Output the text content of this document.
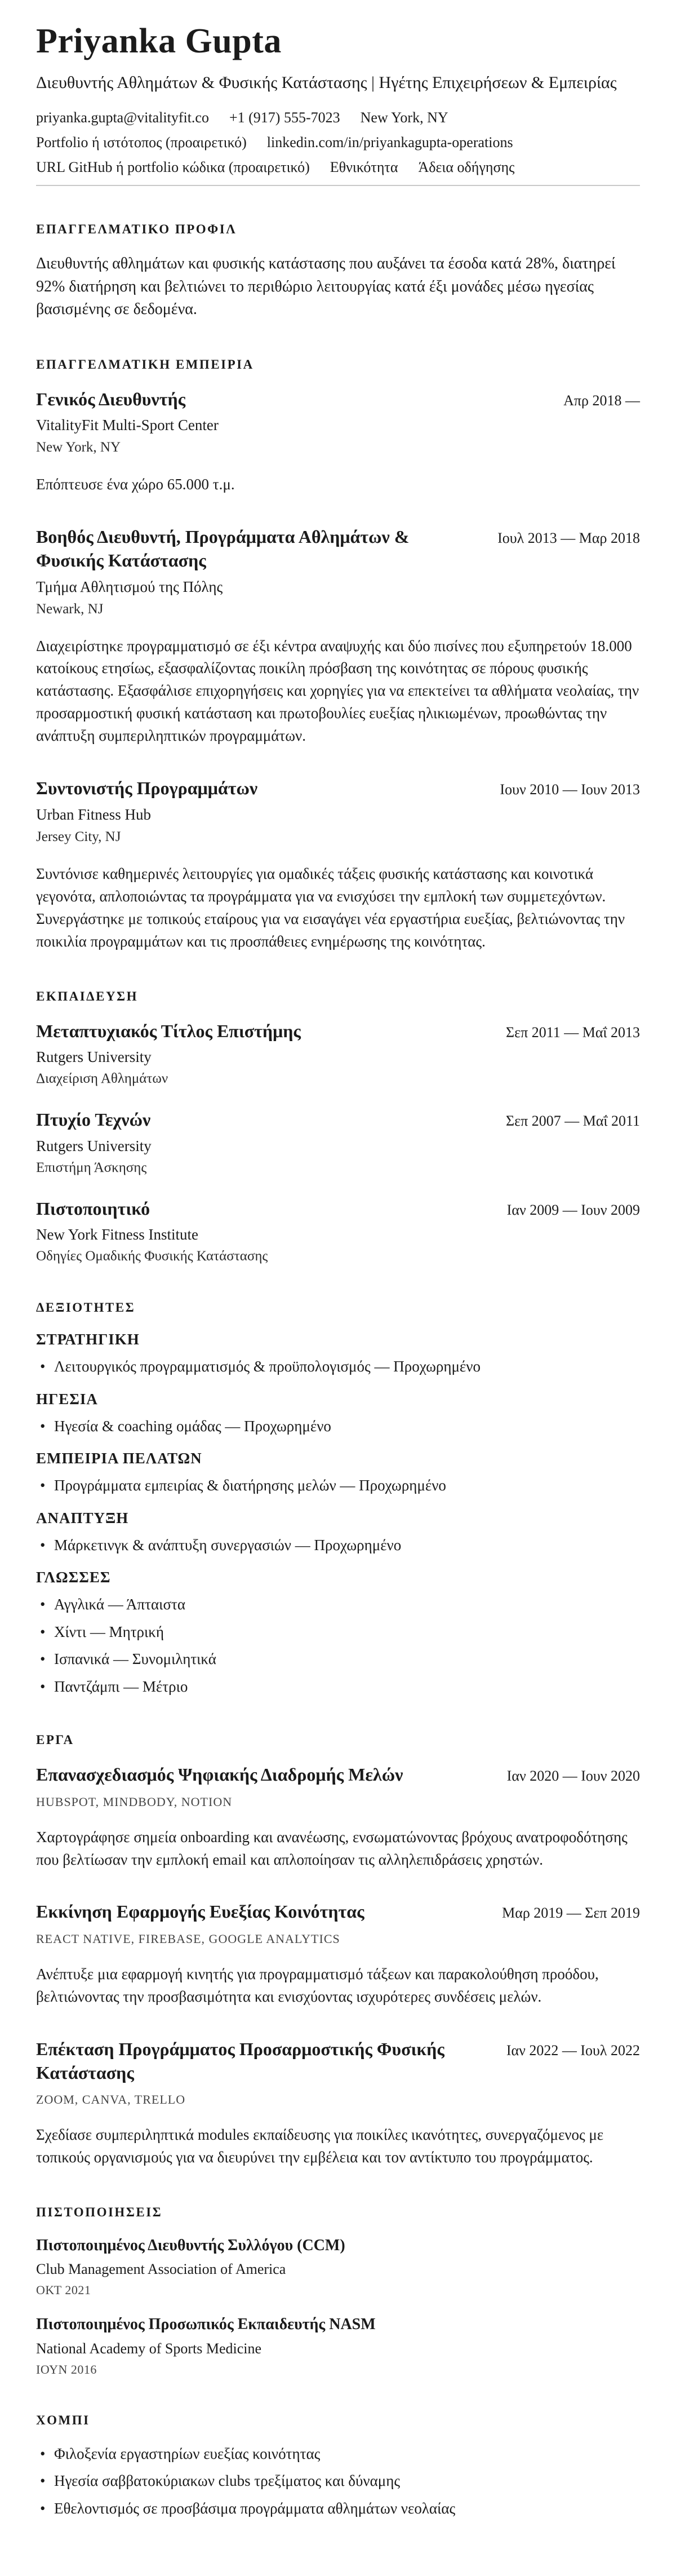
Priyanka Gupta

Διευθυντής Αθλημάτων & Φυσικής Κατάστασης | Ηγέτης Επιχειρήσεων & Εμπειρίας

priyanka.gupta@vitalityfit.co +1 (917) 555-7023 New York, NY
Portfolio ή ιστότοπος (προαιρετικό) linkedin.com/in/priyankagupta-operations
URL GitHub ή portfolio κώδικα (προαιρετικό) Εθνικότητα Άδεια οδήγησης
ΕΠΑΓΓΕΛΜΑΤΙΚΟ ΠΡΟΦΙΛ

Διευθυντής αθλημάτων και φυσικής κατάστασης που αυξάνει τα έσοδα κατά 28%, διατηρεί 92% διατήρηση και βελτιώνει το περιθώριο λειτουργίας κατά έξι μονάδες μέσω ηγεσίας βασισμένης σε δεδομένα.

ΕΠΑΓΓΕΛΜΑΤΙΚΗ ΕΜΠΕΙΡΙΑ
Γενικός Διευθυντής	Απρ 2018 —

VitalityFit Multi-Sport Center

New York, NY

Επόπτευσε ένα χώρο 65.000 τ.μ.

Βοηθός Διευθυντή, Προγράμματα Αθλημάτων & Φυσικής Κατάστασης
Ιουλ 2013 — Μαρ 2018

Τμήμα Αθλητισμού της Πόλης

Newark, NJ

Διαχειρίστηκε προγραμματισμό σε έξι κέντρα αναψυχής και δύο πισίνες που εξυπηρετούν 18.000 κατοίκους ετησίως, εξασφαλίζοντας ποικίλη πρόσβαση της κοινότητας σε πόρους φυσικής κατάστασης. Εξασφάλισε επιχορηγήσεις και χορηγίες για να επεκτείνει τα αθλήματα νεολαίας, την προσαρμοστική φυσική κατάσταση και πρωτοβουλίες ευεξίας ηλικιωμένων, προωθώντας την ανάπτυξη συμπεριληπτικών προγραμμάτων.

Συντονιστής Προγραμμάτων	Ιουν 2010 — Ιουν 2013

Urban Fitness Hub

Jersey City, NJ

Συντόνισε καθημερινές λειτουργίες για ομαδικές τάξεις φυσικής κατάστασης και κοινοτικά γεγονότα, απλοποιώντας τα προγράμματα για να ενισχύσει την εμπλοκή των συμμετεχόντων. Συνεργάστηκε με τοπικούς εταίρους για να εισαγάγει νέα εργαστήρια ευεξίας, βελτιώνοντας την ποικιλία προγραμμάτων και τις προσπάθειες ενημέρωσης της κοινότητας.

ΕΚΠΑΙΔΕΥΣΗ
Μεταπτυχιακός Τίτλος Επιστήμης	Σεπ 2011 — Μαΐ 2013

Rutgers University

Διαχείριση Αθλημάτων

Πτυχίο Τεχνών	Σεπ 2007 — Μαΐ 2011

Rutgers University

Επιστήμη Άσκησης

Πιστοποιητικό	Ιαν 2009 — Ιουν 2009

New York Fitness Institute

Οδηγίες Ομαδικής Φυσικής Κατάστασης

ΔΕΞΙΟΤΗΤΕΣ
ΣΤΡΑΤΗΓΙΚΗ
• Λειτουργικός προγραμματισμός & προϋπολογισμός — Προχωρημένο
ΗΓΕΣΙΑ
• Ηγεσία & coaching ομάδας — Προχωρημένο
ΕΜΠΕΙΡΙΑ ΠΕΛΑΤΩΝ
• Προγράμματα εμπειρίας & διατήρησης μελών — Προχωρημένο
ΑΝΑΠΤΥΞΗ
• Μάρκετινγκ & ανάπτυξη συνεργασιών — Προχωρημένο
ΓΛΩΣΣΕΣ
• Αγγλικά — Άπταιστα
• Χίντι — Μητρική
• Ισπανικά — Συνομιλητικά
• Παντζάμπι — Μέτριο
ΕΡΓΑ
Επανασχεδιασμός Ψηφιακής Διαδρομής Μελών	Ιαν 2020 — Ιουν 2020

HUBSPOT, MINDBODY, NOTION

Χαρτογράφησε σημεία onboarding και ανανέωσης, ενσωματώνοντας βρόχους ανατροφοδότησης που βελτίωσαν την εμπλοκή email και απλοποίησαν τις αλληλεπιδράσεις χρηστών.

Εκκίνηση Εφαρμογής Ευεξίας Κοινότητας	Μαρ 2019 — Σεπ 2019

REACT NATIVE, FIREBASE, GOOGLE ANALYTICS

Ανέπτυξε μια εφαρμογή κινητής για προγραμματισμό τάξεων και παρακολούθηση προόδου, βελτιώνοντας την προσβασιμότητα και ενισχύοντας ισχυρότερες συνδέσεις μελών.

Επέκταση Προγράμματος Προσαρμοστικής Φυσικής Κατάστασης
Ιαν 2022 — Ιουλ 2022

ZOOM, CANVA, TRELLO

Σχεδίασε συμπεριληπτικά modules εκπαίδευσης για ποικίλες ικανότητες, συνεργαζόμενος με τοπικούς οργανισμούς για να διευρύνει την εμβέλεια και τον αντίκτυπο του προγράμματος.

ΠΙΣΤΟΠΟΙΗΣΕΙΣ
Πιστοποιημένος Διευθυντής Συλλόγου (CCM)

Club Management Association of America

ΟΚΤ 2021

Πιστοποιημένος Προσωπικός Εκπαιδευτής NASM

National Academy of Sports Medicine

ΙΟΥΝ 2016

ΧΟΜΠΙ
• Φιλοξενία εργαστηρίων ευεξίας κοινότητας
• Ηγεσία σαββατοκύριακων clubs τρεξίματος και δύναμης
• Εθελοντισμός σε προσβάσιμα προγράμματα αθλημάτων νεολαίας
